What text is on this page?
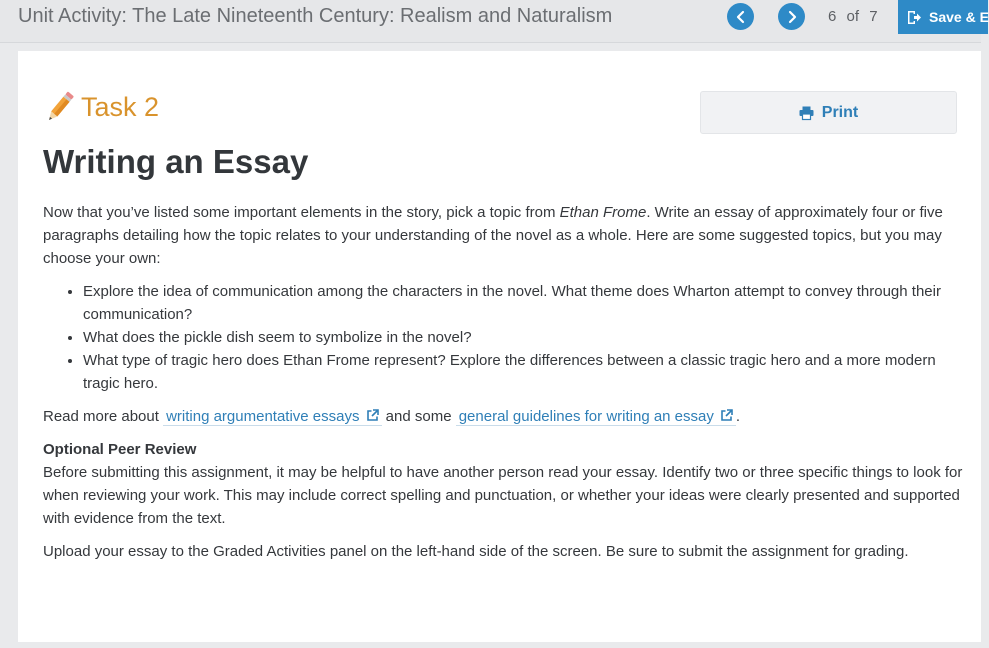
Unit Activity: The Late Nineteenth Century: Realism and Naturalism	6 of 7	Save & E
Task 2	Print
Writing an Essay

Now that you’ve listed some important elements in the story, pick a topic from Ethan Frome. Write an essay of approximately four or five paragraphs detailing how the topic relates to your understanding of the novel as a whole. Here are some suggested topics, but you may choose your own:

• Explore the idea of communication among the characters in the novel. What theme does Wharton attempt to convey through their communication?
• What does the pickle dish seem to symbolize in the novel?
• What type of tragic hero does Ethan Frome represent? Explore the differences between a classic tragic hero and a more modern tragic hero.

Read more about writing argumentative essays and some general guidelines for writing an essay .

Optional Peer Review

Before submitting this assignment, it may be helpful to have another person read your essay. Identify two or three specific things to look for when reviewing your work. This may include correct spelling and punctuation, or whether your ideas were clearly presented and supported with evidence from the text.

Upload your essay to the Graded Activities panel on the left-hand side of the screen. Be sure to submit the assignment for grading.
